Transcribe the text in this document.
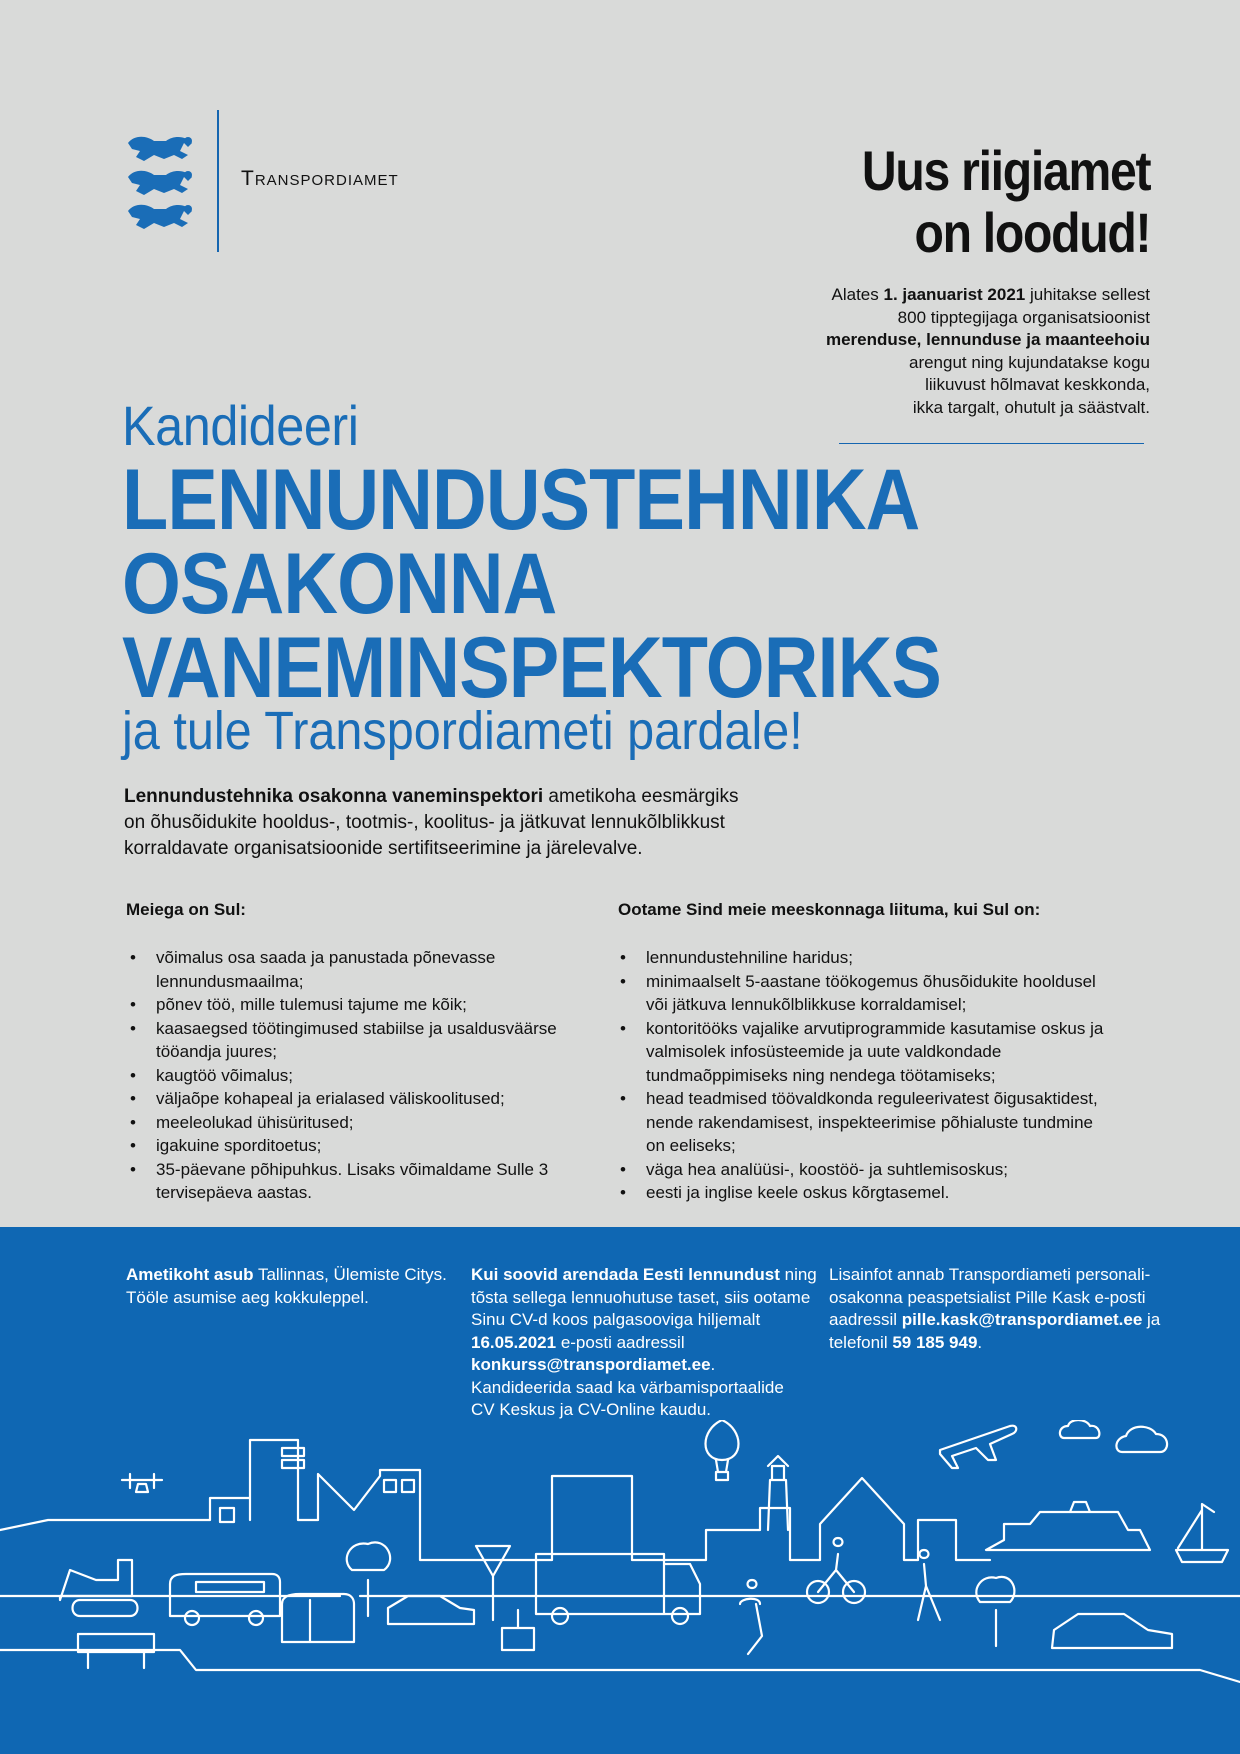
Transpordiamet	Uus riigiamet
on loodud!
Alates 1. jaanuarist 2021 juhitakse sellest
800 tipptegijaga organisatsioonist
merenduse, lennunduse ja maanteehoiu
arengut ning kujundatakse kogu
liikuvust hõlmavat keskkonda,
ikka targalt, ohutult ja säästvalt.
Kandideeri
LENNUNDUSTEHNIKA
OSAKONNA
VANEMINSPEKTORIKS
ja tule Transpordiameti pardale!
Lennundustehnika osakonna vaneminspektori ametikoha eesmärgiks
on õhusõidukite hooldus-, tootmis-, koolitus- ja jätkuvat lennukõlblikkust
korraldavate organisatsioonide sertifitseerimine ja järelevalve.
Meiega on Sul:
• võimalus osa saada ja panustada põnevasse lennundusmaailma;
• põnev töö, mille tulemusi tajume me kõik;
• kaasaegsed töötingimused stabiilse ja usaldusväärse tööandja juures;
• kaugtöö võimalus;
• väljaõpe kohapeal ja erialased väliskoolitused;
• meeleolukad ühisüritused;
• igakuine sporditoetus;
• 35-päevane põhipuhkus. Lisaks võimaldame Sulle 3 tervisepäeva aastas.
Ootame Sind meie meeskonnaga liituma, kui Sul on:
• lennundustehniline haridus;
• minimaalselt 5-aastane töökogemus õhusõidukite hooldusel või jätkuva lennukõlblikkuse korraldamisel;
• kontoritööks vajalike arvutiprogrammide kasutamise oskus ja valmisolek infosüsteemide ja uute valdkondade tundmaõppimiseks ning nendega töötamiseks;
• head teadmised töövaldkonda reguleerivatest õigusaktidest, nende rakendamisest, inspekteerimise põhialuste tundmine on eeliseks;
• väga hea analüüsi-, koostöö- ja suhtlemisoskus;
• eesti ja inglise keele oskus kõrgtasemel.
Ametikoht asub Tallinnas, Ülemiste Citys.
Tööle asumise aeg kokkuleppel.
Kui soovid arendada Eesti lennundust ning
tõsta sellega lennuohutuse taset, siis ootame
Sinu CV-d koos palgasooviga hiljemalt
16.05.2021 e-posti aadressil
konkurss@transpordiamet.ee.
Kandideerida saad ka värbamisportaalide
CV Keskus ja CV-Online kaudu.
Lisainfot annab Transpordiameti personali-
osakonna peaspetsialist Pille Kask e-posti
aadressil pille.kask@transpordiamet.ee ja
telefonil 59 185 949.
